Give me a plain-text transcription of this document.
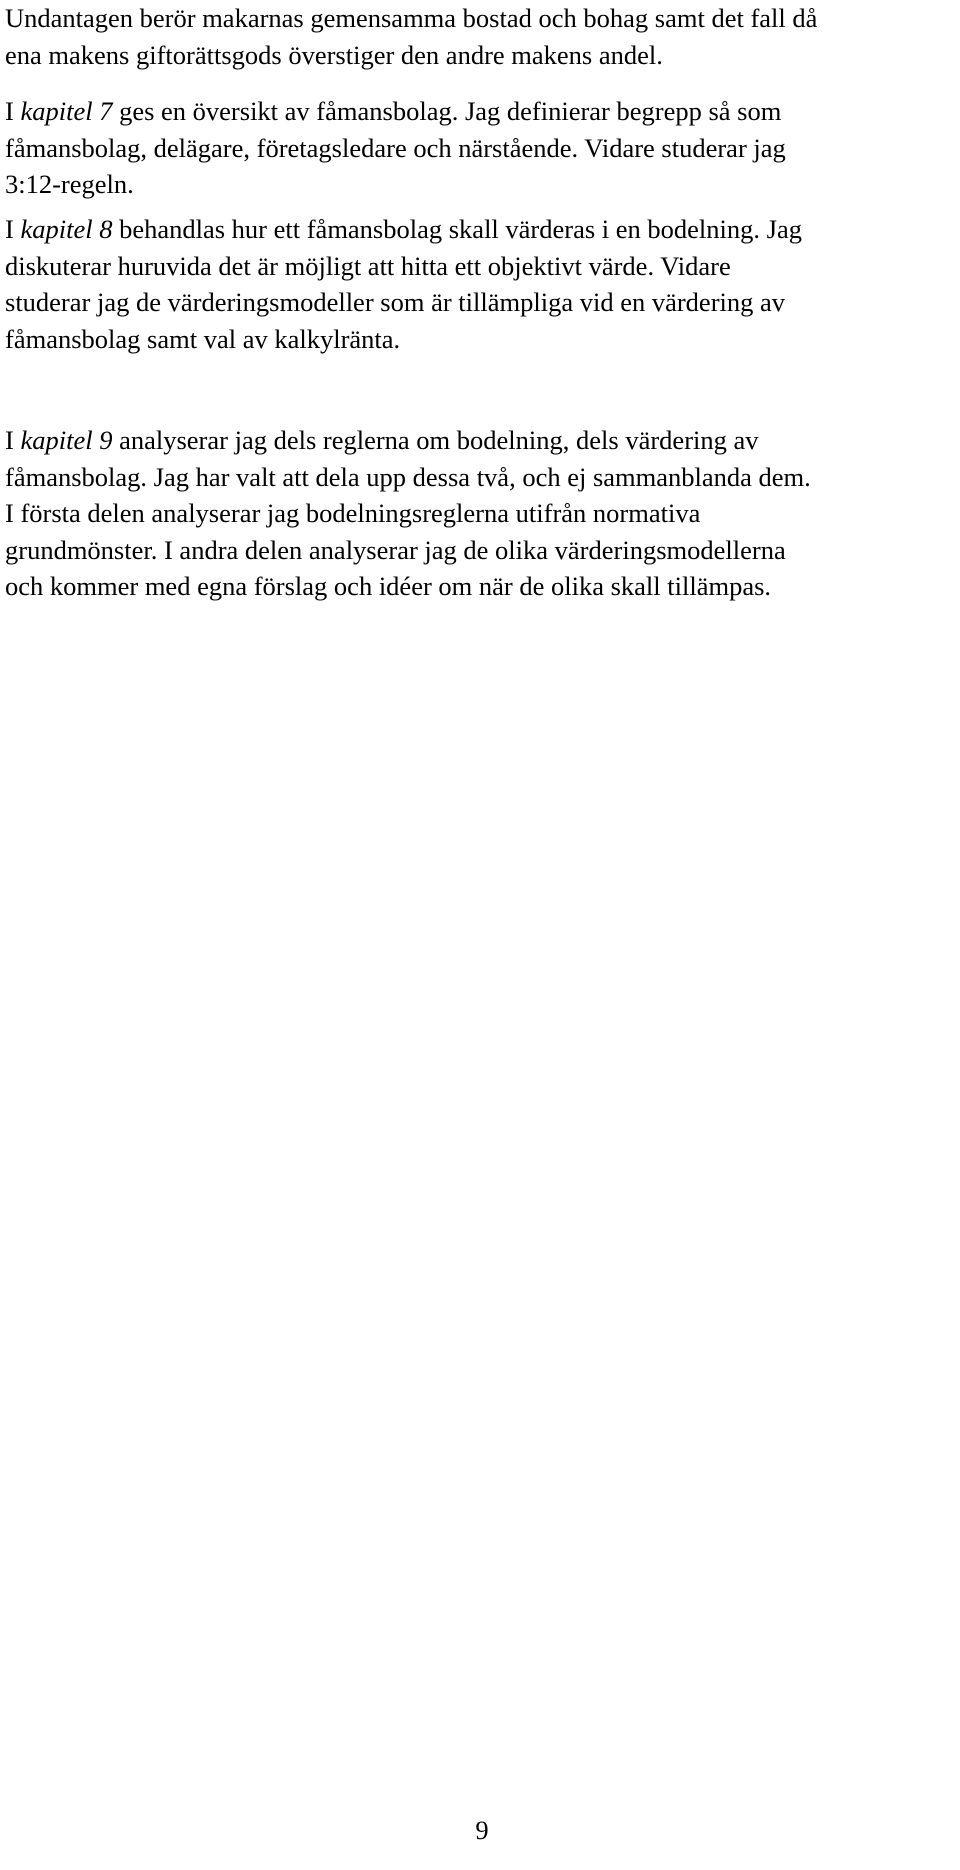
Undantagen berör makarnas gemensamma bostad och bohag samt det fall då
ena makens giftorättsgods överstiger den andre makens andel.
I kapitel 7 ges en översikt av fåmansbolag. Jag definierar begrepp så som
fåmansbolag, delägare, företagsledare och närstående. Vidare studerar jag
3:12-regeln.
I kapitel 8 behandlas hur ett fåmansbolag skall värderas i en bodelning. Jag
diskuterar huruvida det är möjligt att hitta ett objektivt värde. Vidare
studerar jag de värderingsmodeller som är tillämpliga vid en värdering av
fåmansbolag samt val av kalkylränta.
I kapitel 9 analyserar jag dels reglerna om bodelning, dels värdering av
fåmansbolag. Jag har valt att dela upp dessa två, och ej sammanblanda dem.
I första delen analyserar jag bodelningsreglerna utifrån normativa
grundmönster. I andra delen analyserar jag de olika värderingsmodellerna
och kommer med egna förslag och idéer om när de olika skall tillämpas.
9
